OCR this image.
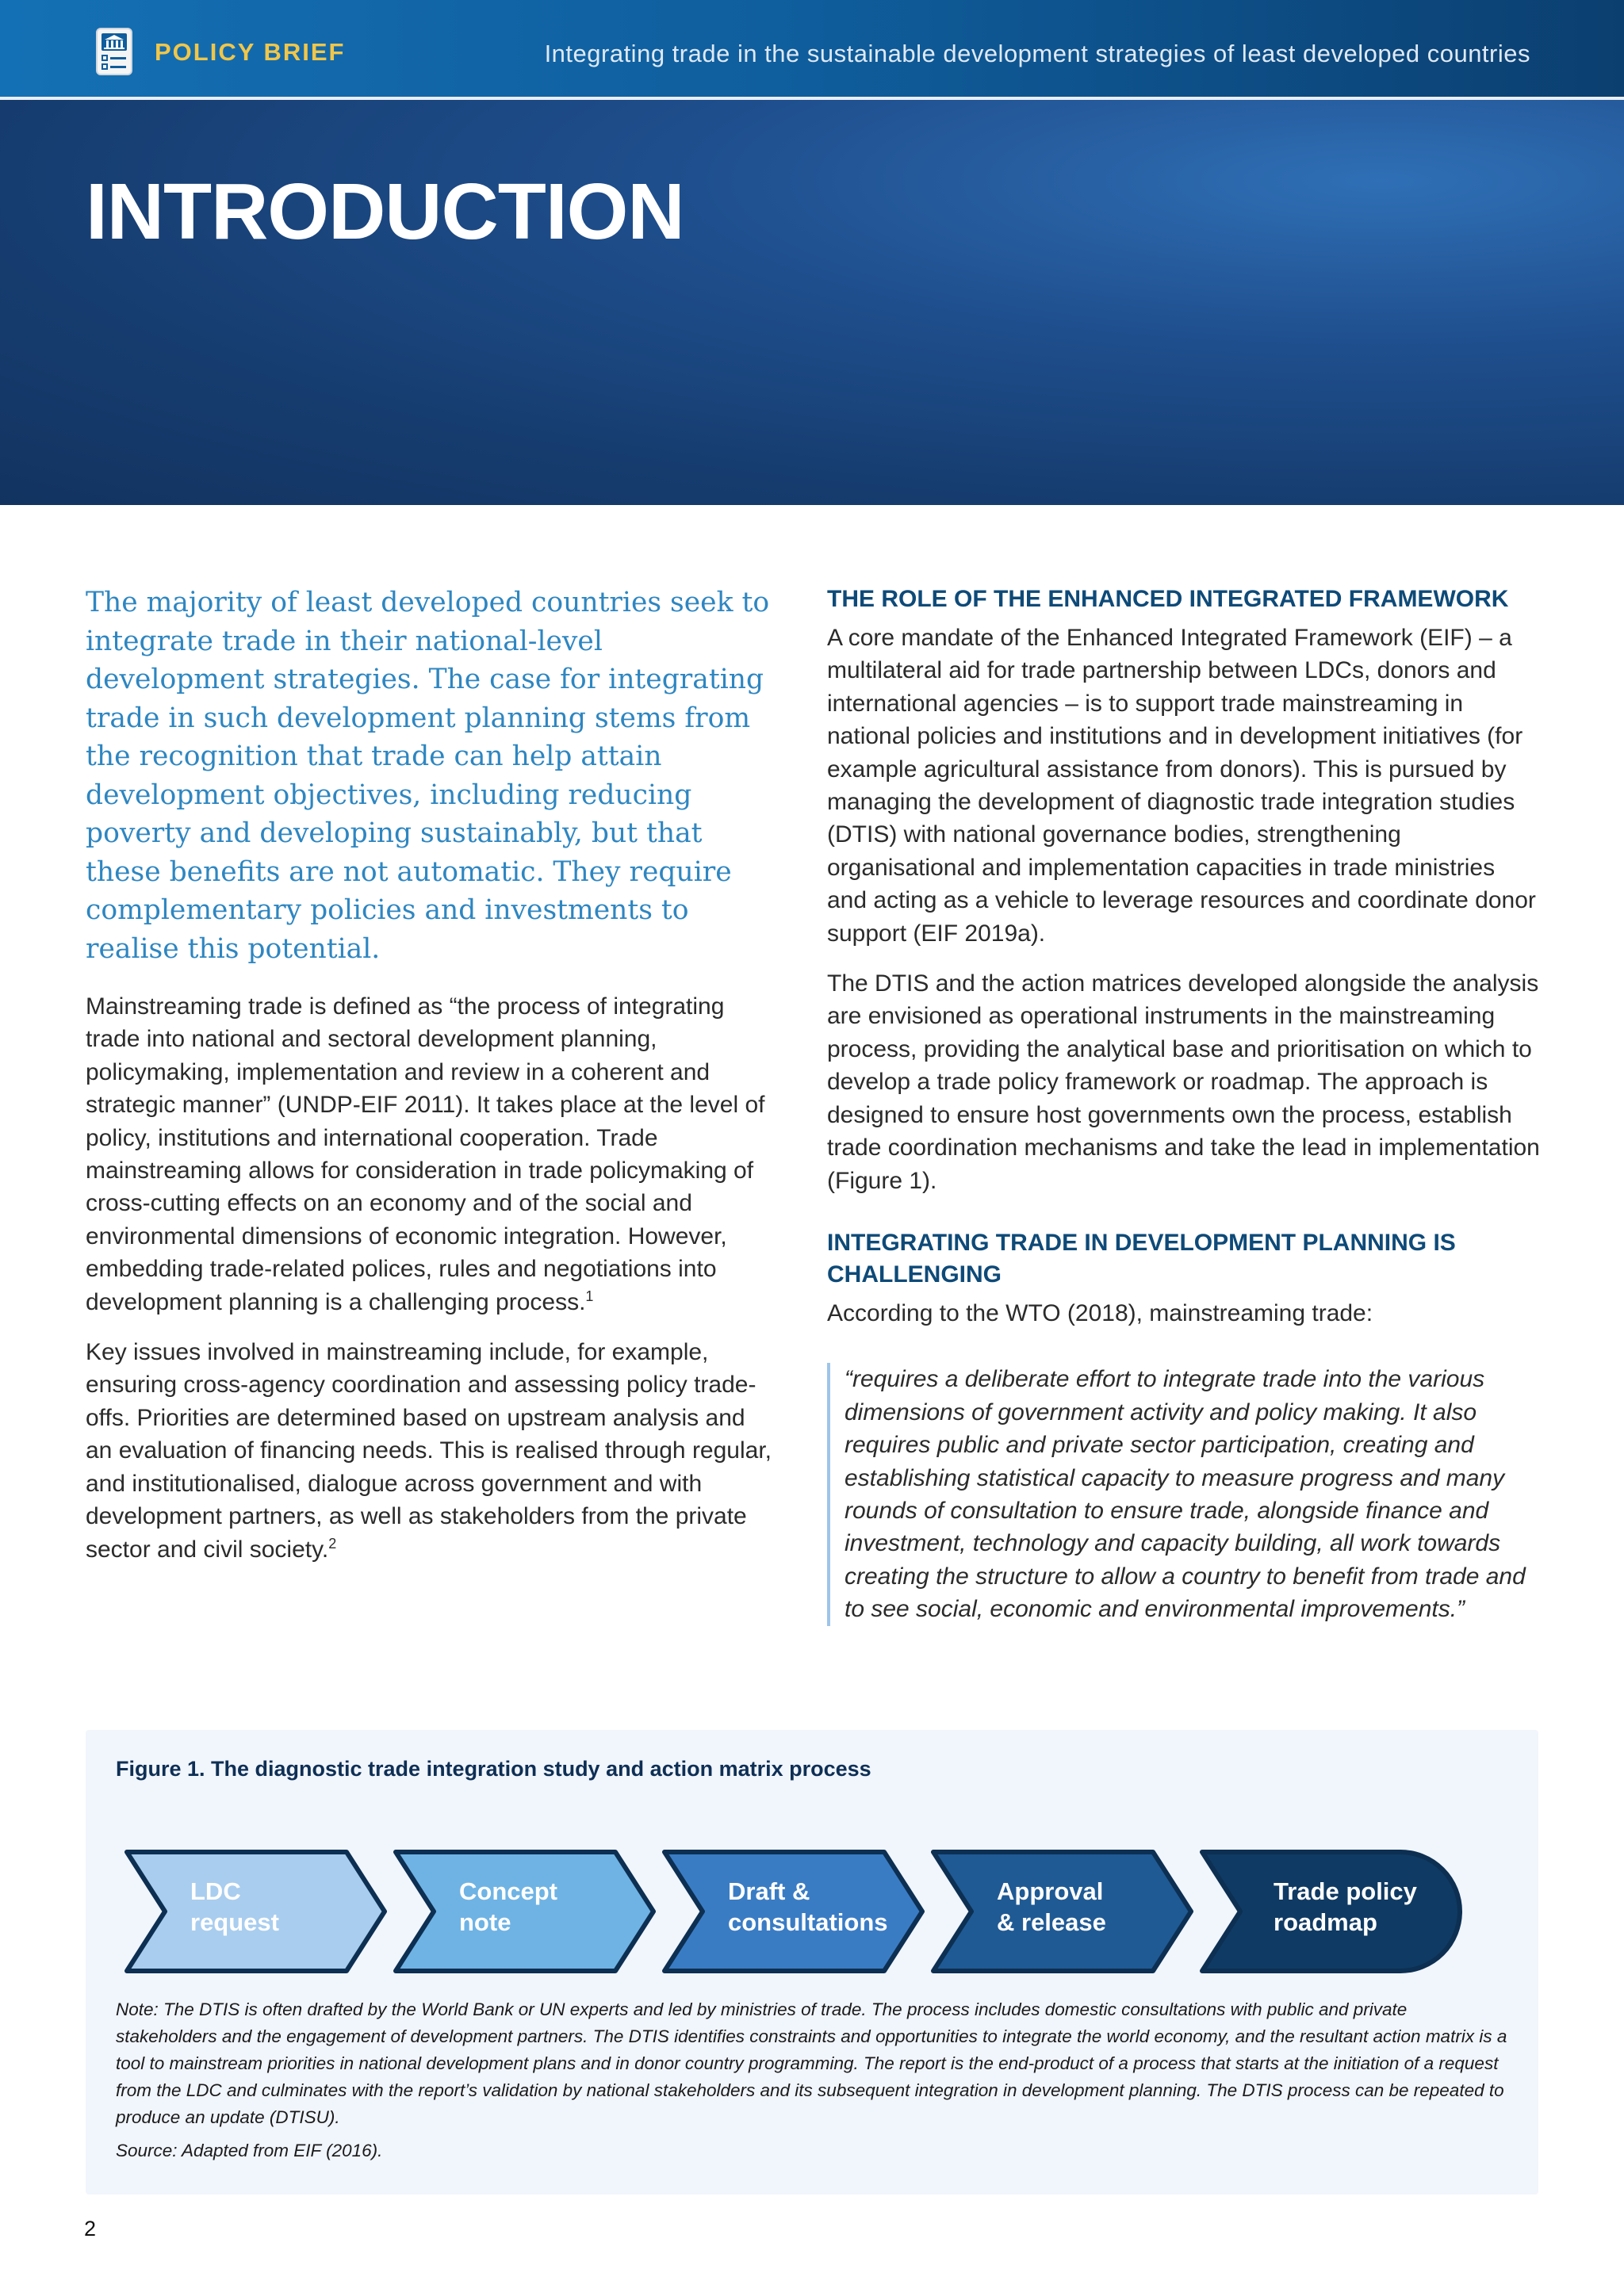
POLICY BRIEF	Integrating trade in the sustainable development strategies of least developed countries
INTRODUCTION

The majority of least developed countries seek to integrate trade in their national-level development strategies. The case for integrating trade in such development planning stems from the recognition that trade can help attain development objectives, including reducing poverty and developing sustainably, but that these benefits are not automatic. They require complementary policies and investments to realise this potential.

Mainstreaming trade is defined as “the process of integrating trade into national and sectoral development planning, policymaking, implementation and review in a coherent and strategic manner” (UNDP-EIF 2011). It takes place at the level of policy, institutions and international cooperation. Trade mainstreaming allows for consideration in trade policymaking of cross-cutting effects on an economy and of the social and environmental dimensions of economic integration. However, embedding trade-related polices, rules and negotiations into development planning is a challenging process.$^1$

Key issues involved in mainstreaming include, for example, ensuring cross-agency coordination and assessing policy trade-offs. Priorities are determined based on upstream analysis and an evaluation of financing needs. This is realised through regular, and institutionalised, dialogue across government and with development partners, as well as stakeholders from the private sector and civil society.$^2$

THE ROLE OF THE ENHANCED INTEGRATED FRAMEWORK

A core mandate of the Enhanced Integrated Framework (EIF) – a multilateral aid for trade partnership between LDCs, donors and international agencies – is to support trade mainstreaming in national policies and institutions and in development initiatives (for example agricultural assistance from donors). This is pursued by managing the development of diagnostic trade integration studies (DTIS) with national governance bodies, strengthening organisational and implementation capacities in trade ministries and acting as a vehicle to leverage resources and coordinate donor support (EIF 2019a).

The DTIS and the action matrices developed alongside the analysis are envisioned as operational instruments in the mainstreaming process, providing the analytical base and prioritisation on which to develop a trade policy framework or roadmap. The approach is designed to ensure host governments own the process, establish trade coordination mechanisms and take the lead in implementation (Figure 1).

INTEGRATING TRADE IN DEVELOPMENT PLANNING IS CHALLENGING

According to the WTO (2018), mainstreaming trade:

“requires a deliberate effort to integrate trade into the various dimensions of government activity and policy making. It also requires public and private sector participation, creating and establishing statistical capacity to measure progress and many rounds of consultation to ensure trade, alongside finance and investment, technology and capacity building, all work towards creating the structure to allow a country to benefit from trade and to see social, economic and environmental improvements.”
Figure 1. The diagnostic trade integration study and action matrix process
LDC
request
Concept
note
Draft &
consultations
Approval
& release
Trade policy
roadmap

Note: The DTIS is often drafted by the World Bank or UN experts and led by ministries of trade. The process includes domestic consultations with public and private stakeholders and the engagement of development partners. The DTIS identifies constraints and opportunities to integrate the world economy, and the resultant action matrix is a tool to mainstream priorities in national development plans and in donor country programming. The report is the end-product of a process that starts at the initiation of a request from the LDC and culminates with the report’s validation by national stakeholders and its subsequent integration in development planning. The DTIS process can be repeated to produce an update (DTISU).

Source: Adapted from EIF (2016).

2
